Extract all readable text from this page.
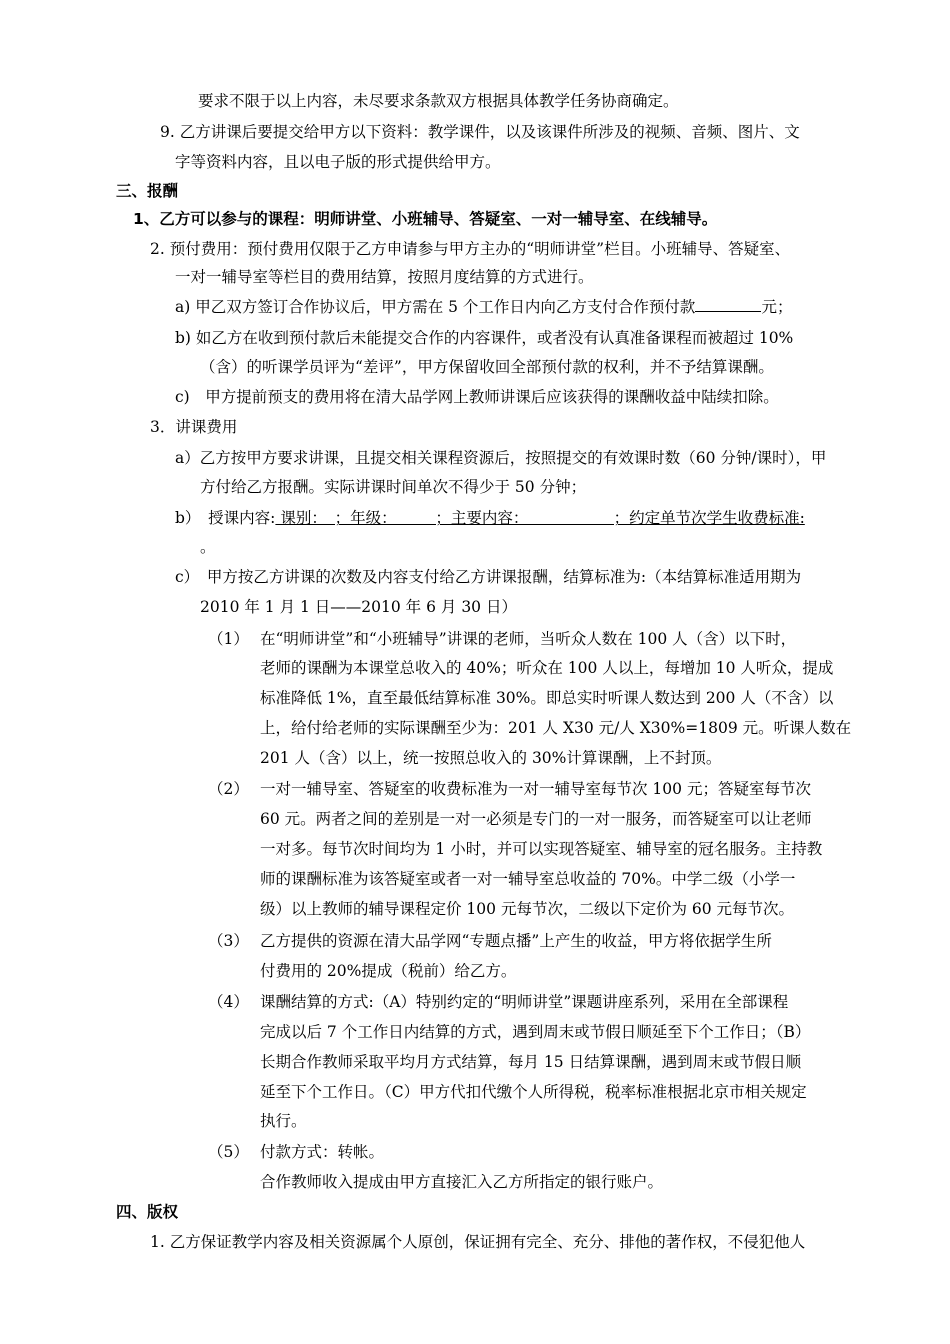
要求不限于以上内容，未尽要求条款双方根据具体教学任务协商确定。
9. 乙方讲课后要提交给甲方以下资料：教学课件，以及该课件所涉及的视频、音频、图片、文
字等资料内容，且以电子版的形式提供给甲方。
三、报酬
1、乙方可以参与的课程：明师讲堂、小班辅导、答疑室、一对一辅导室、在线辅导。
2. 预付费用：预付费用仅限于乙方申请参与甲方主办的“明师讲堂”栏目。小班辅导、答疑室、
一对一辅导室等栏目的费用结算，按照月度结算的方式进行。
a) 甲乙双方签订合作协议后，甲方需在 5 个工作日内向乙方支付合作预付款	元；
b) 如乙方在收到预付款后未能提交合作的内容课件，或者没有认真准备课程而被超过 10%
（含）的听课学员评为“差评”，甲方保留收回全部预付款的权利，并不予结算课酬。
c)　甲方提前预支的费用将在清大品学网上教师讲课后应该获得的课酬收益中陆续扣除。
3．讲课费用
a）乙方按甲方要求讲课，且提交相关课程资源后，按照提交的有效课时数（60 分钟/课时），甲
方付给乙方报酬。实际讲课时间单次不得少于 50 分钟；
b）　授课内容: 课别：　；年级：　　　；主要内容：　　　　　　；约定单节次学生收费标准:
。
c）　甲方按乙方讲课的次数及内容支付给乙方讲课报酬，结算标准为:（本结算标准适用期为
2010 年 1 月 1 日——2010 年 6 月 30 日）
（1） 在“明师讲堂”和“小班辅导”讲课的老师，当听众人数在 100 人（含）以下时，
老师的课酬为本课堂总收入的 40%；听众在 100 人以上，每增加 10 人听众，提成
标准降低 1%，直至最低结算标准 30%。即总实时听课人数达到 200 人（不含）以
上，给付给老师的实际课酬至少为：201 人 X30 元/人 X30%=1809 元。听课人数在
201 人（含）以上，统一按照总收入的 30%计算课酬，上不封顶。
（2） 一对一辅导室、答疑室的收费标准为一对一辅导室每节次 100 元；答疑室每节次
60 元。两者之间的差别是一对一必须是专门的一对一服务，而答疑室可以让老师
一对多。每节次时间均为 1 小时，并可以实现答疑室、辅导室的冠名服务。主持教
师的课酬标准为该答疑室或者一对一辅导室总收益的 70%。中学二级（小学一
级）以上教师的辅导课程定价 100 元每节次，二级以下定价为 60 元每节次。
（3） 乙方提供的资源在清大品学网“专题点播”上产生的收益，甲方将依据学生所
付费用的 20%提成（税前）给乙方。
（4） 课酬结算的方式:（A）特别约定的“明师讲堂”课题讲座系列，采用在全部课程
完成以后 7 个工作日内结算的方式，遇到周末或节假日顺延至下个工作日；（B）
长期合作教师采取平均月方式结算，每月 15 日结算课酬，遇到周末或节假日顺
延至下个工作日。（C）甲方代扣代缴个人所得税，税率标准根据北京市相关规定
执行。
（5） 付款方式：转帐。
合作教师收入提成由甲方直接汇入乙方所指定的银行账户。
四、版权
1. 乙方保证教学内容及相关资源属个人原创，保证拥有完全、充分、排他的著作权，不侵犯他人
